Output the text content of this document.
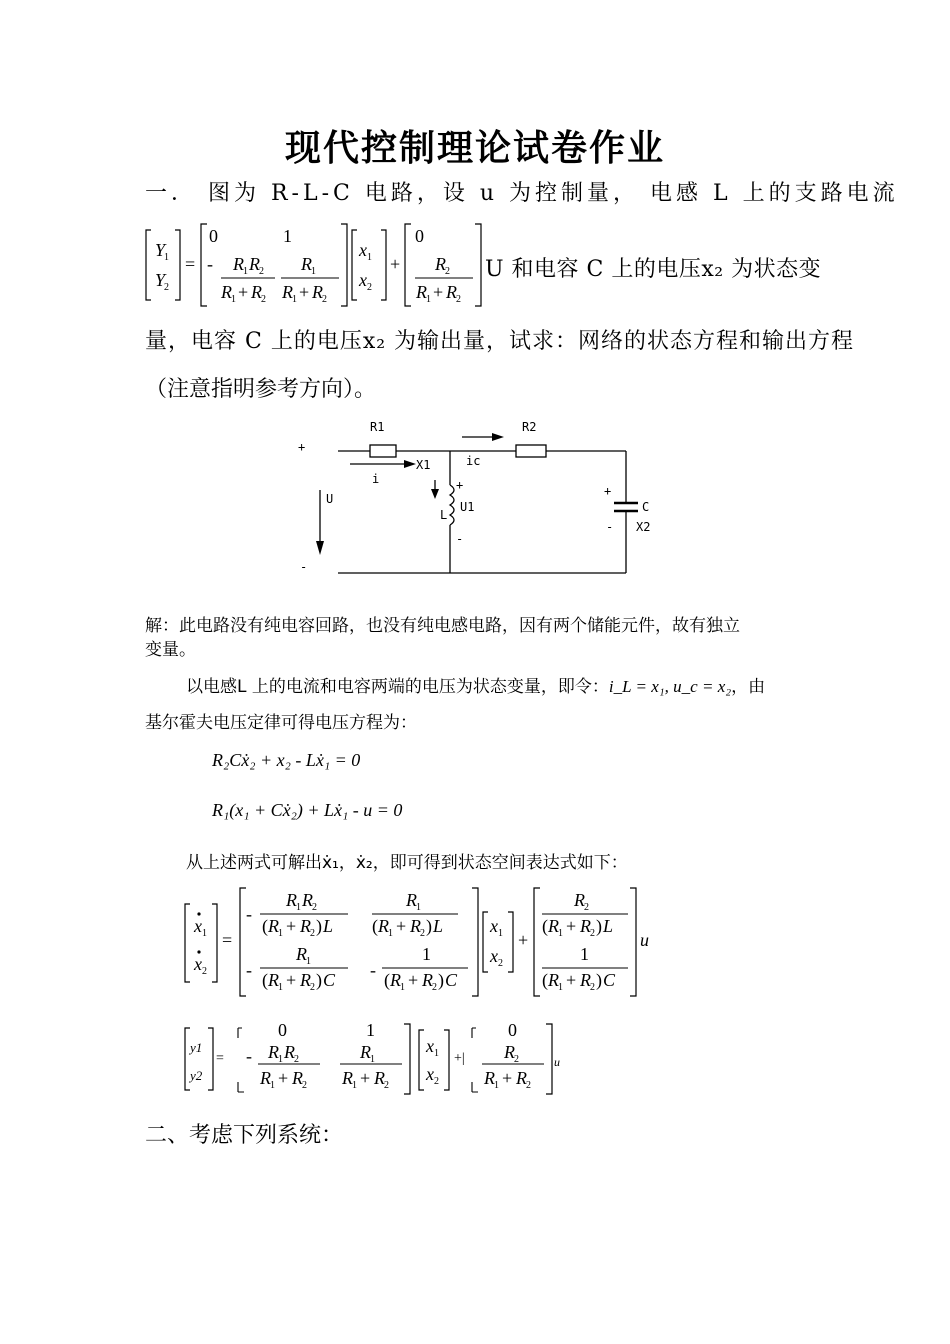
现代控制理论试卷作业
一． 图为 R-L-C 电路，设 u 为控制量， 电感 L 上的支路电流
Y
1
Y
2
=
0	1
- R 1 R 2
R 1 + R 2
R 1
R 1 + R 2
x 1
x 2
+
0
R 2
R 1 + R 2
U 和电容 C 上的电压x₂ 为状态变
量，电容 C 上的电压x₂ 为输出量，试求：网络的状态方程和输出方程
（注意指明参考方向）。
R1	R2
i
X1	ic
U
L
U1	C
X2
+
-
+
-
+
-
解：此电路没有纯电容回路，也没有纯电感电路，因有两个储能元件，故有独立
变量。
以电感L 上的电流和电容两端的电压为状态变量，即令：i_L = x₁, u_c = x₂，由
基尔霍夫电压定律可得电压方程为：
R₂Cẋ₂ + x₂ - Lẋ₁ = 0
R₁(x₁ + Cẋ₂) + Lẋ₁ - u = 0
从上述两式可解出ẋ₁，ẋ₂，即可得到状态空间表达式如下：
x 1
x 2
=
-
R 1 R 2
( R 1 + R 2 ) L
R 1
( R 1 + R 2 ) L
-
R 1
( R 1 + R 2 ) C -
1
( R 1 + R 2 ) C
x 1
x 2
+
R 2
( R 1 + R 2 ) L
1
( R 1 + R 2 ) C
u
y1
y2
=
0	1
- R 1 R 2
R 1 + R 2
R 1
R 1 + R 2
x 1
x 2
+|
0
R 2
R 1 + R 2
u
二、考虑下列系统：
